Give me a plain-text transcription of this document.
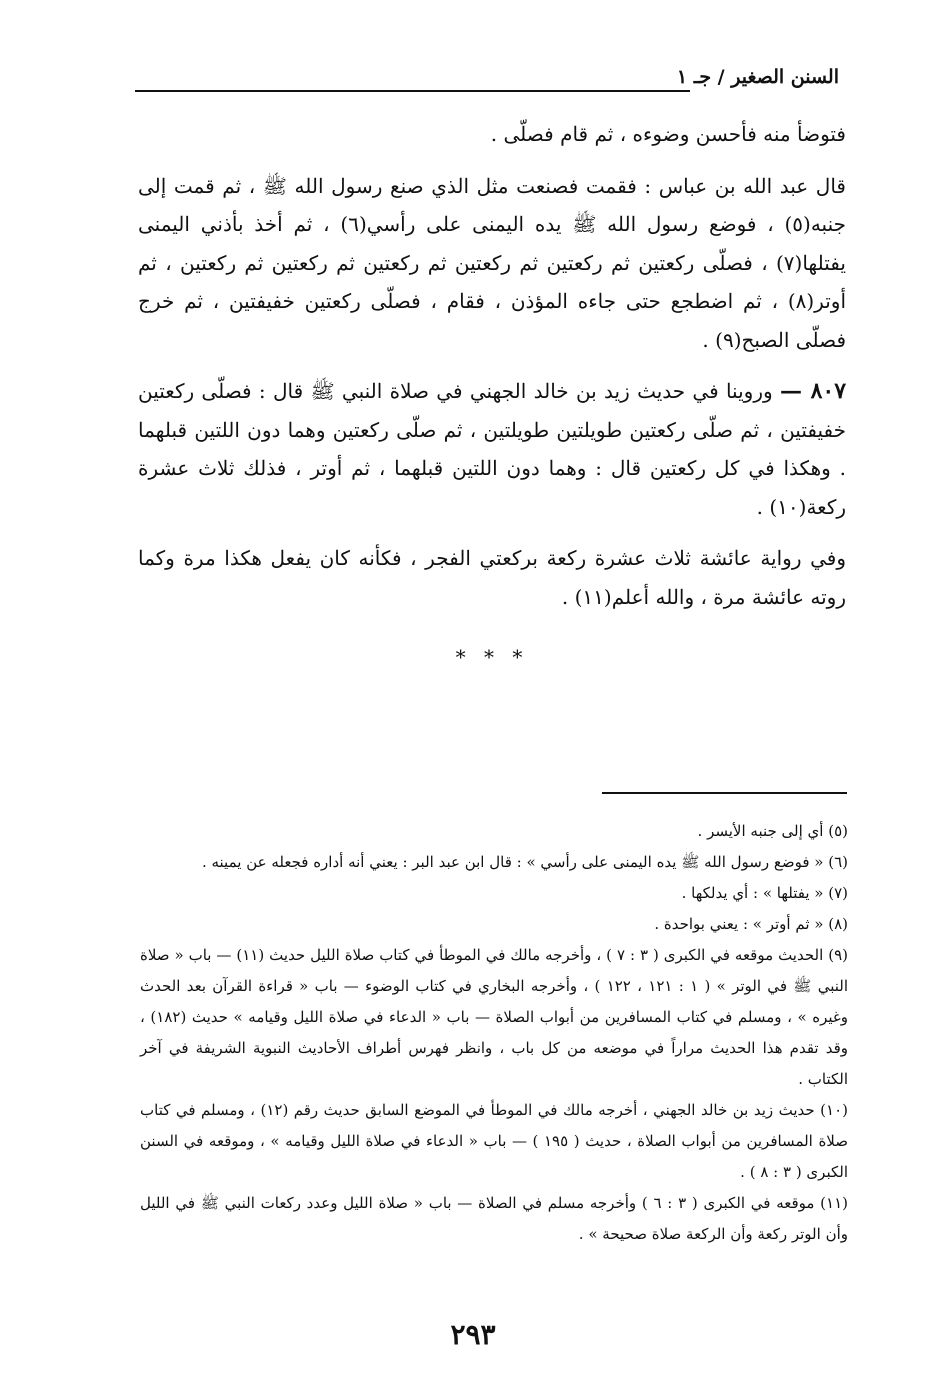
السنن الصغير / جـ ١

فتوضأ منه فأحسن وضوءه ، ثم قام فصلّى .

قال عبد الله بن عباس : فقمت فصنعت مثل الذي صنع رسول الله ﷺ ، ثم قمت إلى جنبه(٥) ، فوضع رسول الله ﷺ يده اليمنى على رأسي(٦) ، ثم أخذ بأذني اليمنى يفتلها(٧) ، فصلّى ركعتين ثم ركعتين ثم ركعتين ثم ركعتين ثم ركعتين ثم ركعتين ، ثم أوتر(٨) ، ثم اضطجع حتى جاءه المؤذن ، فقام ، فصلّى ركعتين خفيفتين ، ثم خرج فصلّى الصبح(٩) .

٨٠٧ — وروينا في حديث زيد بن خالد الجهني في صلاة النبي ﷺ قال : فصلّى ركعتين خفيفتين ، ثم صلّى ركعتين طويلتين طويلتين ، ثم صلّى ركعتين وهما دون اللتين قبلهما . وهكذا في كل ركعتين قال : وهما دون اللتين قبلهما ، ثم أوتر ، فذلك ثلاث عشرة ركعة(١٠) .

وفي رواية عائشة ثلاث عشرة ركعة بركعتي الفجر ، فكأنه كان يفعل هكذا مرة وكما روته عائشة مرة ، والله أعلم(١١) .

* * *

(٥) أي إلى جنبه الأيسر .

(٦) « فوضع رسول الله ﷺ يده اليمنى على رأسي » : قال ابن عبد البر : يعني أنه أداره فجعله عن يمينه .

(٧) « يفتلها » : أي يدلكها .

(٨) « ثم أوتر » : يعني بواحدة .

(٩) الحديث موقعه في الكبرى ( ٣ : ٧ ) ، وأخرجه مالك في الموطأ في كتاب صلاة الليل حديث (١١) — باب « صلاة النبي ﷺ في الوتر » ( ١ : ١٢١ ، ١٢٢ ) ، وأخرجه البخاري في كتاب الوضوء — باب « قراءة القرآن بعد الحدث وغيره » ، ومسلم في كتاب المسافرين من أبواب الصلاة — باب « الدعاء في صلاة الليل وقيامه » حديث (١٨٢) ، وقد تقدم هذا الحديث مراراً في موضعه من كل باب ، وانظر فهرس أطراف الأحاديث النبوية الشريفة في آخر الكتاب .

(١٠) حديث زيد بن خالد الجهني ، أخرجه مالك في الموطأ في الموضع السابق حديث رقم (١٢) ، ومسلم في كتاب صلاة المسافرين من أبواب الصلاة ، حديث ( ١٩٥ ) — باب « الدعاء في صلاة الليل وقيامه » ، وموقعه في السنن الكبرى ( ٣ : ٨ ) .

(١١) موقعه في الكبرى ( ٣ : ٦ ) وأخرجه مسلم في الصلاة — باب « صلاة الليل وعدد ركعات النبي ﷺ في الليل وأن الوتر ركعة وأن الركعة صلاة صحيحة » .

٢٩٣
